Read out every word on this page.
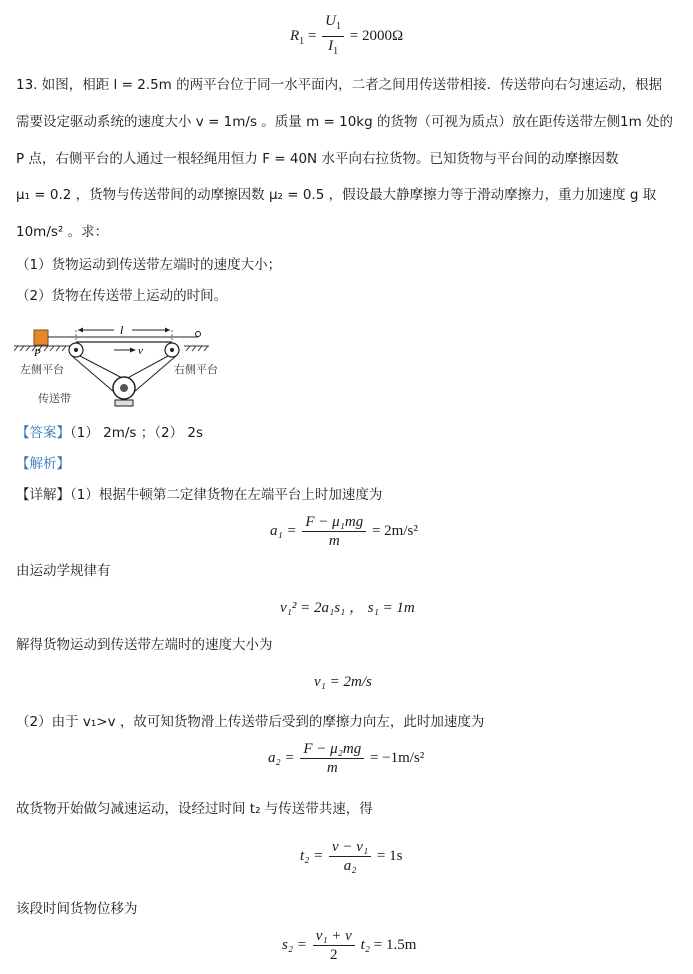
$R_1 = \frac{U_1}{I_1} = 2000\Omega$
13. 如图，相距 l = 2.5m 的两平台位于同一水平面内，二者之间用传送带相接．传送带向右匀速运动，根据
需要设定驱动系统的速度大小 v = 1m/s 。质量 m = 10kg 的货物（可视为质点）放在距传送带左侧1m 处的
P 点，右侧平台的人通过一根轻绳用恒力 F = 40N 水平向右拉货物。已知货物与平台间的动摩擦因数
μ₁ = 0.2 ，货物与传送带间的动摩擦因数 μ₂ = 0.5 ，假设最大静摩擦力等于滑动摩擦力，重力加速度 g 取
10m/s² 。求：
（1）货物运动到传送带左端时的速度大小；
（2）货物在传送带上运动的时间。
l
v
P
左侧平台	右侧平台
传送带
【答案】（1） 2m/s ；（2） 2s
【解析】
【详解】（1）根据牛顿第二定律货物在左端平台上时加速度为
$a_1 = \frac{\text{F − μ₁mg}}{m} = 2m/s^2$
由运动学规律有
v₁² = 2a₁s₁ ， s₁ = 1m
解得货物运动到传送带左端时的速度大小为
v₁ = 2m/s
（2）由于 v₁>v ，故可知货物滑上传送带后受到的摩擦力向左，此时加速度为
$a_2 = \frac{\text{F − μ₂mg}}{m} = -1m/s^2$
故货物开始做匀减速运动，设经过时间 t₂ 与传送带共速，得
$t_2 = \frac{\text{v − v₁}}{\text{a₂}} = 1s$
该段时间货物位移为
$s_2 = \frac{\text{v₁ + v}}{2} t_2 = 1.5m$
